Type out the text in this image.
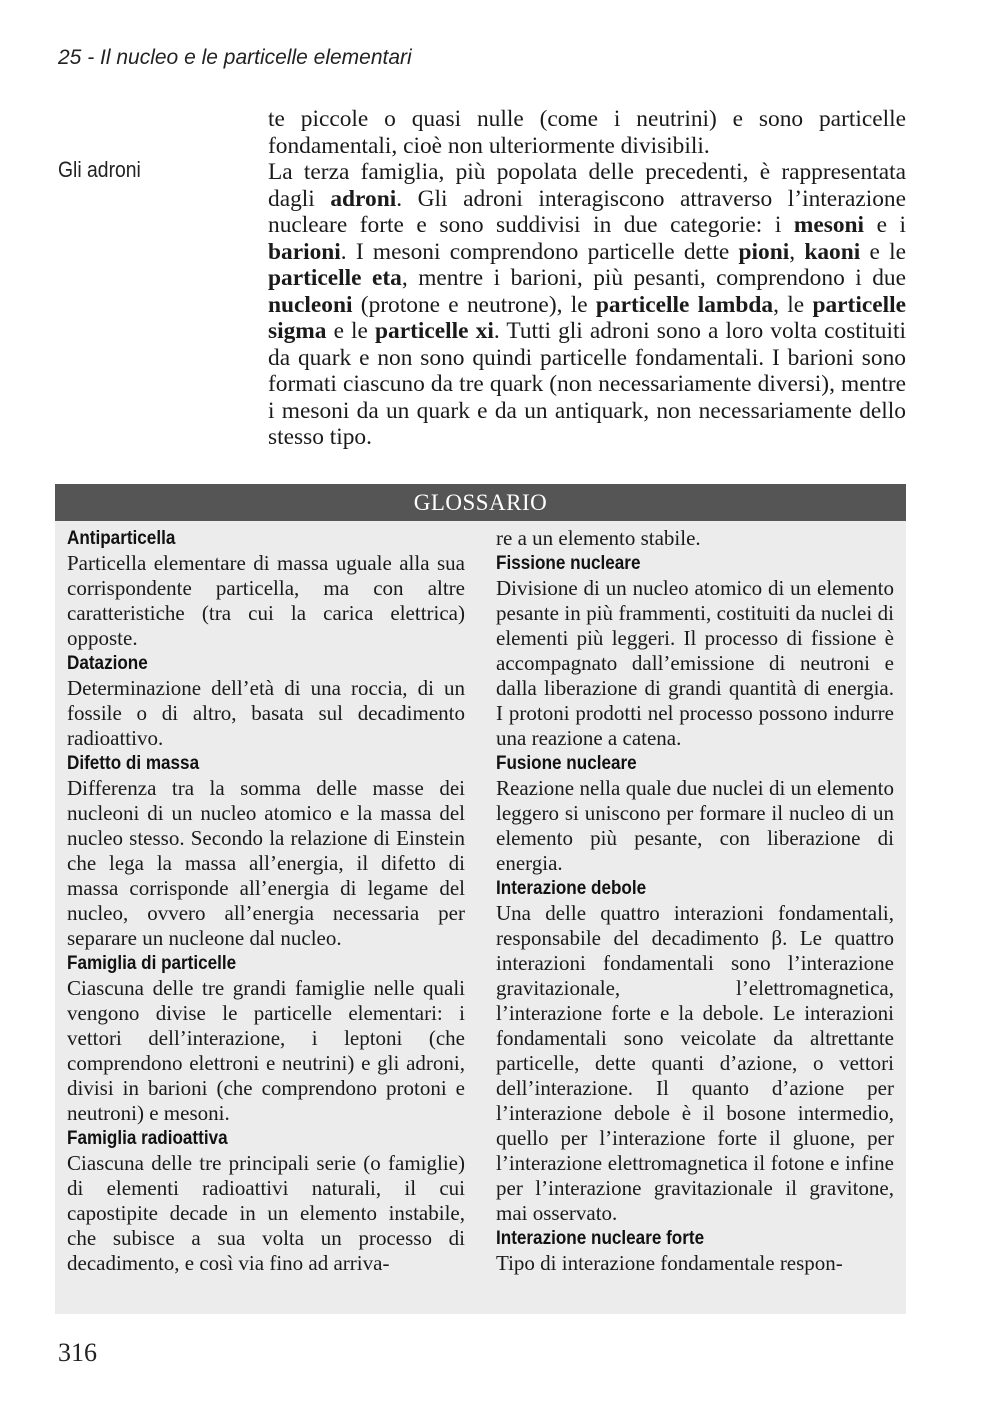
25 - Il nucleo e le particelle elementari
Gli adroni

te piccole o quasi nulle (come i neutrini) e sono particelle fondamentali, cioè non ulteriormente divisibili.

La terza famiglia, più popolata delle precedenti, è rappresentata dagli adroni. Gli adroni interagiscono attraverso l’interazione nucleare forte e sono suddivisi in due categorie: i mesoni e i barioni. I mesoni comprendono particelle dette pioni, kaoni e le particelle eta, mentre i barioni, più pesanti, comprendono i due nucleoni (protone e neutrone), le particelle lambda, le particelle sigma e le particelle xi. Tutti gli adroni sono a loro volta costituiti da quark e non sono quindi particelle fondamentali. I barioni sono formati ciascuno da tre quark (non necessariamente diversi), mentre i mesoni da un quark e da un antiquark, non necessariamente dello stesso tipo.

GLOSSARIO
Antiparticella

Particella elementare di massa uguale alla sua corrispondente particella, ma con altre caratteristiche (tra cui la carica elettrica) opposte.

Datazione

Determinazione dell’età di una roccia, di un fossile o di altro, basata sul decadimento radioattivo.

Difetto di massa

Differenza tra la somma delle masse dei nucleoni di un nucleo atomico e la massa del nucleo stesso. Secondo la relazione di Einstein che lega la massa all’energia, il difetto di massa corrisponde all’energia di legame del nucleo, ovvero all’energia necessaria per separare un nucleone dal nucleo.

Famiglia di particelle

Ciascuna delle tre grandi famiglie nelle quali vengono divise le particelle elementari: i vettori dell’interazione, i leptoni (che comprendono elettroni e neutrini) e gli adroni, divisi in barioni (che comprendono protoni e neutroni) e mesoni.

Famiglia radioattiva

Ciascuna delle tre principali serie (o famiglie) di elementi radioattivi naturali, il cui capostipite decade in un elemento instabile, che subisce a sua volta un processo di decadimento, e così via fino ad arriva-

re a un elemento stabile.

Fissione nucleare

Divisione di un nucleo atomico di un elemento pesante in più frammenti, costituiti da nuclei di elementi più leggeri. Il processo di fissione è accompagnato dall’emissione di neutroni e dalla liberazione di grandi quantità di energia. I protoni prodotti nel processo possono indurre una reazione a catena.

Fusione nucleare

Reazione nella quale due nuclei di un elemento leggero si uniscono per formare il nucleo di un elemento più pesante, con liberazione di energia.

Interazione debole

Una delle quattro interazioni fondamentali, responsabile del decadimento β. Le quattro interazioni fondamentali sono l’interazione gravitazionale, l’elettromagnetica, l’interazione forte e la debole. Le interazioni fondamentali sono veicolate da altrettante particelle, dette quanti d’azione, o vettori dell’interazione. Il quanto d’azione per l’interazione debole è il bosone intermedio, quello per l’interazione forte il gluone, per l’interazione elettromagnetica il fotone e infine per l’interazione gravitazionale il gravitone, mai osservato.

Interazione nucleare forte

Tipo di interazione fondamentale respon-

316
